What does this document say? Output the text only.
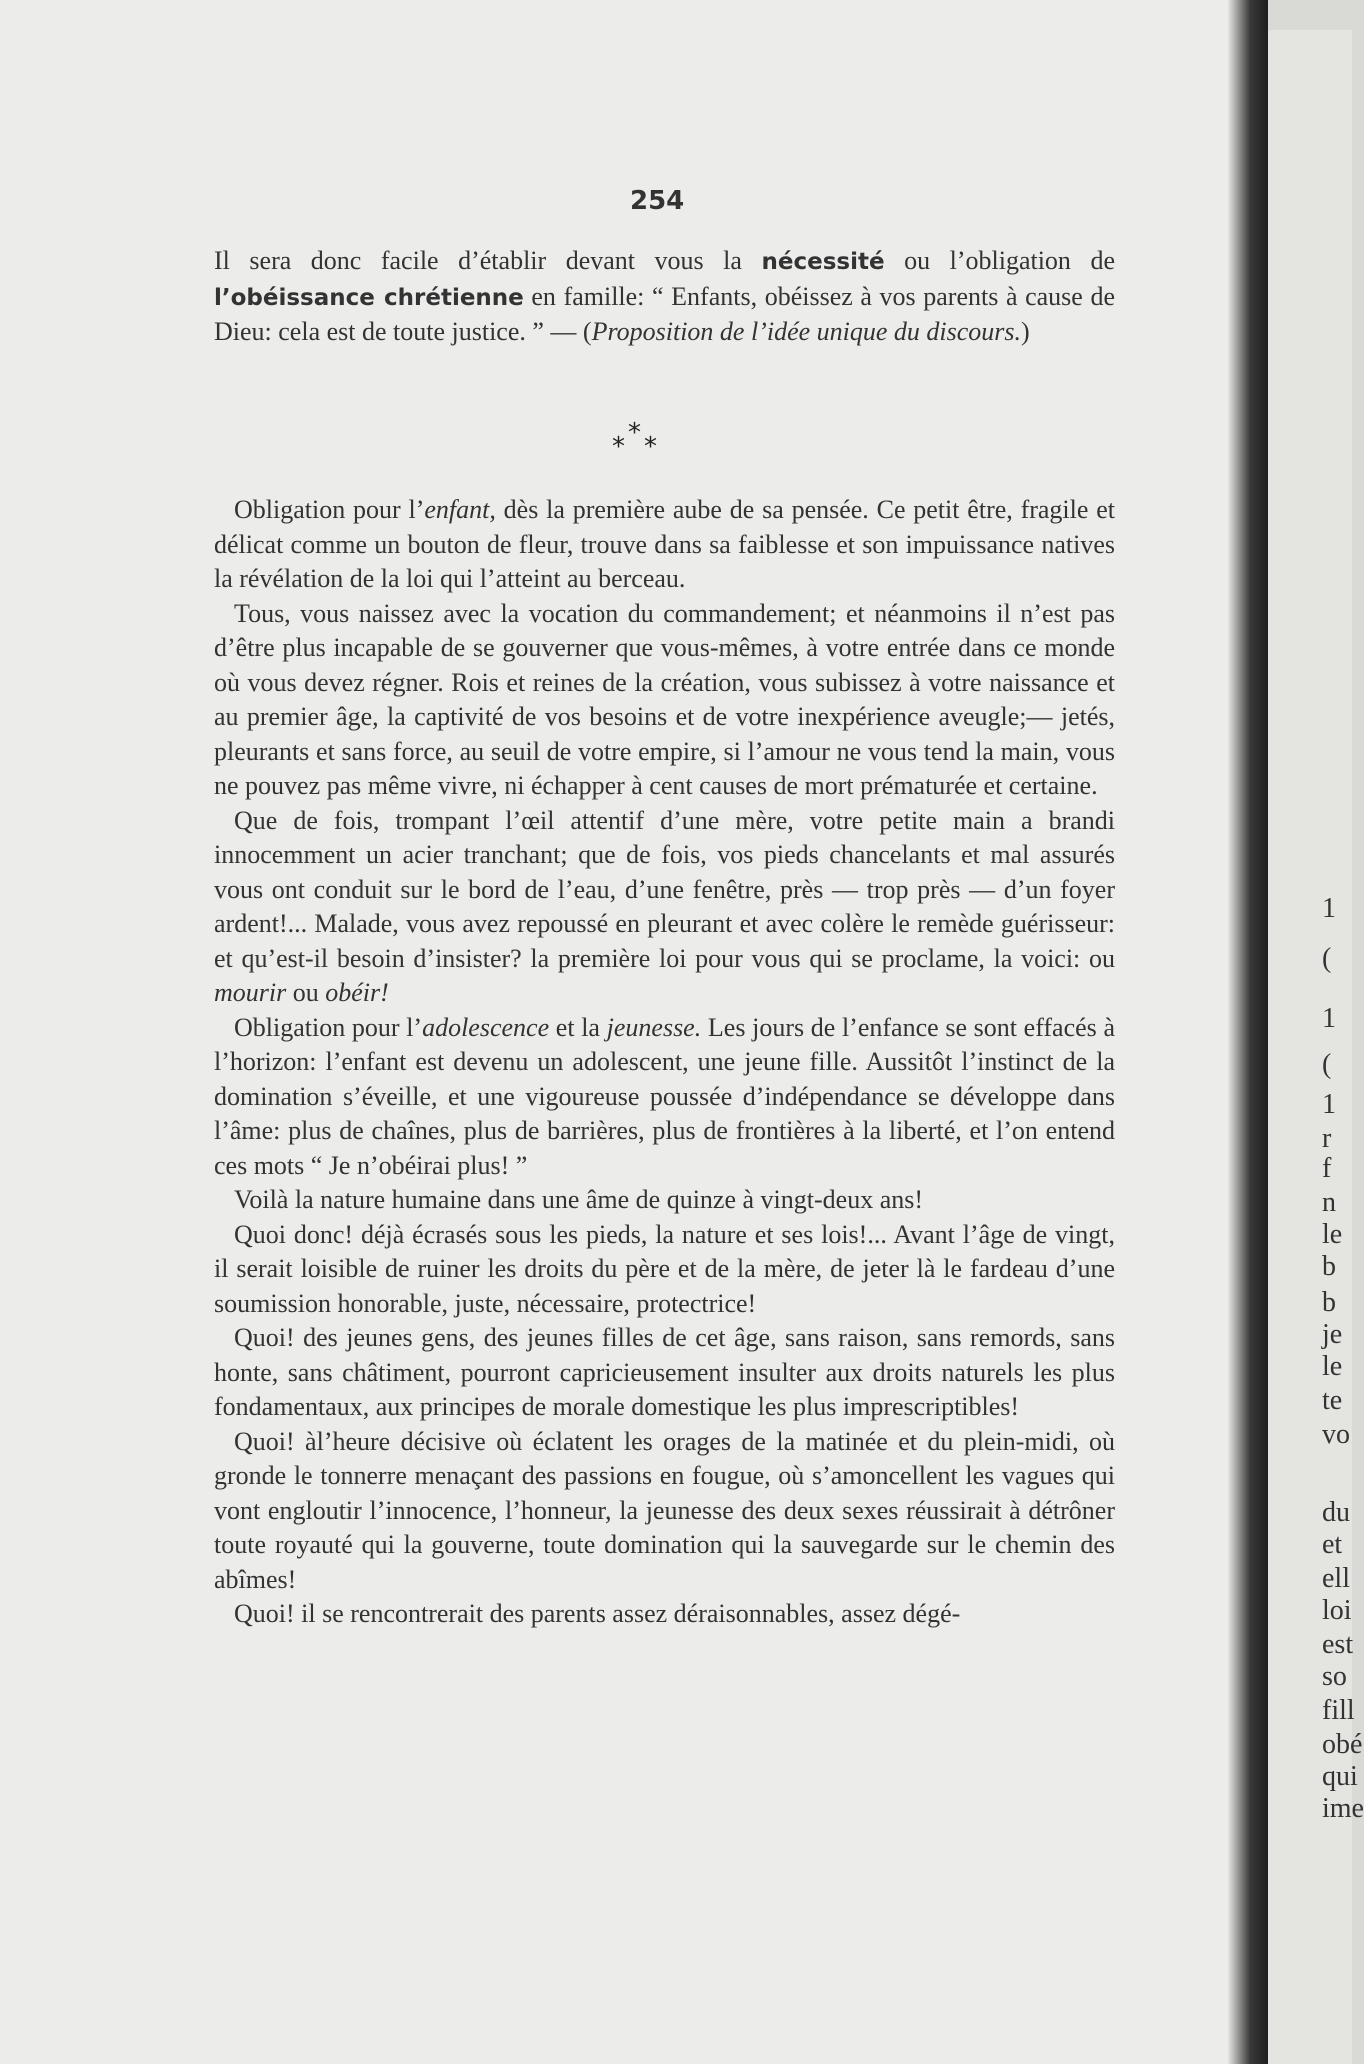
254

Il sera donc facile d’établir devant vous la nécessité ou l’obligation de l’obéissance chrétienne en famille: “ Enfants, obéissez à vos parents à cause de Dieu: cela est de toute justice. ” — (Proposition de l’idée unique du discours.)

*
* *

Obligation pour l’enfant, dès la première aube de sa pensée. Ce petit être, fragile et délicat comme un bouton de fleur, trouve dans sa faiblesse et son impuissance natives la révélation de la loi qui l’atteint au berceau.

Tous, vous naissez avec la vocation du commandement; et néanmoins il n’est pas d’être plus incapable de se gouverner que vous-mêmes, à votre entrée dans ce monde où vous devez régner. Rois et reines de la création, vous subissez à votre naissance et au premier âge, la captivité de vos besoins et de votre inexpérience aveugle;— jetés, pleurants et sans force, au seuil de votre empire, si l’amour ne vous tend la main, vous ne pouvez pas même vivre, ni échapper à cent causes de mort prématurée et certaine.

Que de fois, trompant l’œil attentif d’une mère, votre petite main a brandi innocemment un acier tranchant; que de fois, vos pieds chancelants et mal assurés vous ont conduit sur le bord de l’eau, d’une fenêtre, près — trop près — d’un foyer ardent!... Malade, vous avez repoussé en pleurant et avec colère le remède guérisseur: et qu’est-il besoin d’insister? la première loi pour vous qui se proclame, la voici: ou mourir ou obéir!

Obligation pour l’adolescence et la jeunesse. Les jours de l’enfance se sont effacés à l’horizon: l’enfant est devenu un adolescent, une jeune fille. Aussitôt l’instinct de la domination s’éveille, et une vigoureuse poussée d’indépendance se développe dans l’âme: plus de chaînes, plus de barrières, plus de frontières à la liberté, et l’on entend ces mots “ Je n’obéirai plus! ”

Voilà la nature humaine dans une âme de quinze à vingt-deux ans!

Quoi donc! déjà écrasés sous les pieds, la nature et ses lois!... Avant l’âge de vingt, il serait loisible de ruiner les droits du père et de la mère, de jeter là le fardeau d’une soumission honorable, juste, nécessaire, protectrice!

Quoi! des jeunes gens, des jeunes filles de cet âge, sans raison, sans remords, sans honte, sans châtiment, pourront capricieusement insulter aux droits naturels les plus fondamentaux, aux principes de morale domestique les plus imprescriptibles!

Quoi! àl’heure décisive où éclatent les orages de la matinée et du plein-midi, où gronde le tonnerre menaçant des passions en fougue, où s’amoncellent les vagues qui vont engloutir l’innocence, l’honneur, la jeunesse des deux sexes réussirait à détrôner toute royauté qui la gouverne, toute domination qui la sauvegarde sur le chemin des abîmes!

Quoi! il se rencontrerait des parents assez déraisonnables, assez dégé-

1
(
1
(
1
r
f
n
le
b
b
je
le
te
vo
du
et
ell
loi
est
so
fill
obé
qui
ime
